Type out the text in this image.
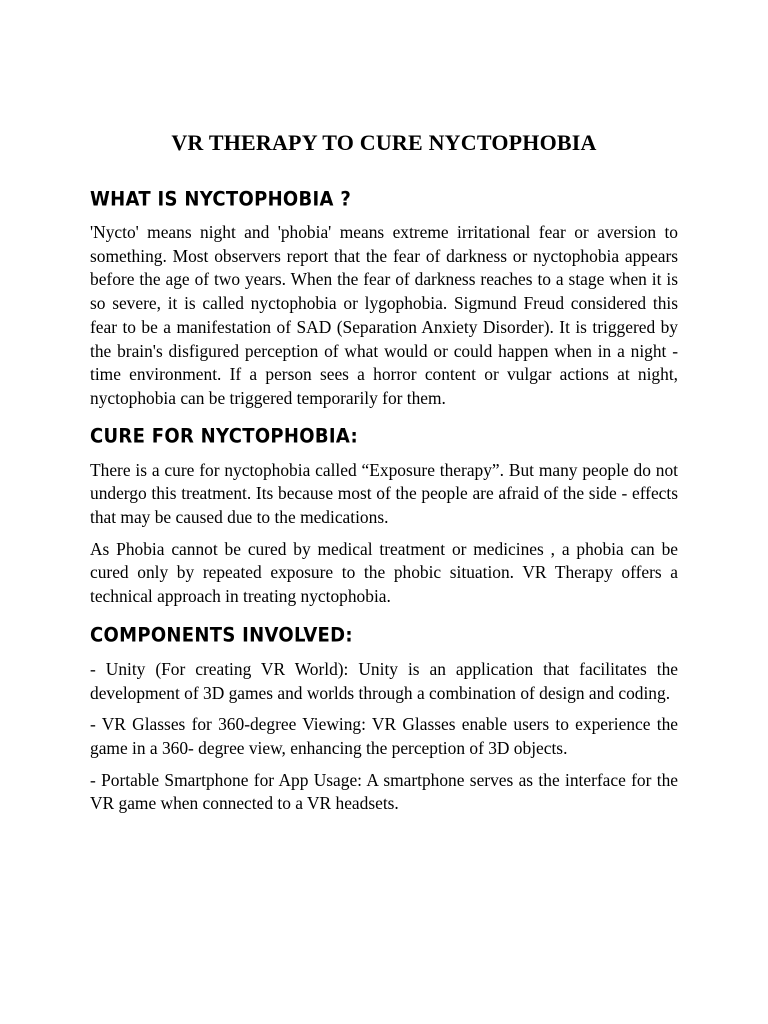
VR THERAPY TO CURE NYCTOPHOBIA
WHAT IS NYCTOPHOBIA ?

'Nycto' means night and 'phobia' means extreme irritational fear or aversion to something. Most observers report that the fear of darkness or nyctophobia appears before the age of two years. When the fear of darkness reaches to a stage when it is so severe, it is called nyctophobia or lygophobia. Sigmund Freud considered this fear to be a manifestation of SAD (Separation Anxiety Disorder). It is triggered by the brain's disfigured perception of what would or could happen when in a night - time environment. If a person sees a horror content or vulgar actions at night, nyctophobia can be triggered temporarily for them.

CURE FOR NYCTOPHOBIA:

There is a cure for nyctophobia called “Exposure therapy”. But many people do not undergo this treatment. Its because most of the people are afraid of the side - effects that may be caused due to the medications.

As Phobia cannot be cured by medical treatment or medicines , a phobia can be cured only by repeated exposure to the phobic situation. VR Therapy offers a technical approach in treating nyctophobia.

COMPONENTS INVOLVED:

- Unity (For creating VR World): Unity is an application that facilitates the development of 3D games and worlds through a combination of design and coding.

- VR Glasses for 360-degree Viewing: VR Glasses enable users to experience the game in a 360- degree view, enhancing the perception of 3D objects.

- Portable Smartphone for App Usage: A smartphone serves as the interface for the VR game when connected to a VR headsets.
